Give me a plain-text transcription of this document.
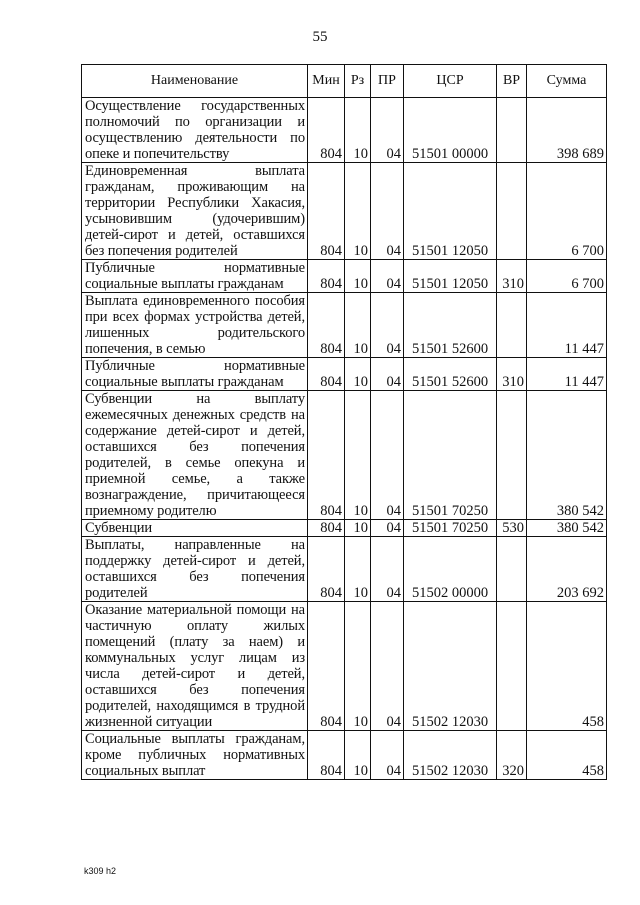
55
Наименование	Мин	Рз	ПР	ЦСР	ВР	Сумма
Осуществление государственных полномочий по организации и осуществлению деятельности по опеке и попечительству	804	10	04	51501 00000		398 689
Единовременная выплата гражданам, проживающим на территории Республики Хакасия, усыновившим (удочерившим) детей-сирот и детей, оставшихся без попечения родителей	804	10	04	51501 12050		6 700
Публичные нормативные социальные выплаты гражданам	804	10	04	51501 12050	310	6 700
Выплата единовременного пособия при всех формах устройства детей, лишенных родительского попечения, в семью	804	10	04	51501 52600		11 447
Публичные нормативные социальные выплаты гражданам	804	10	04	51501 52600	310	11 447
Субвенции на выплату ежемесячных денежных средств на содержание детей-сирот и детей, оставшихся без попечения родителей, в семье опекуна и приемной семье, а также вознаграждение, причитающееся приемному родителю	804	10	04	51501 70250		380 542
Субвенции	804	10	04	51501 70250	530	380 542
Выплаты, направленные на поддержку детей-сирот и детей, оставшихся без попечения родителей	804	10	04	51502 00000		203 692
Оказание материальной помощи на частичную оплату жилых помещений (плату за наем) и коммунальных услуг лицам из числа детей-сирот и детей, оставшихся без попечения родителей, находящимся в трудной жизненной ситуации	804	10	04	51502 12030		458
Социальные выплаты гражданам, кроме публичных нормативных социальных выплат	804	10	04	51502 12030	320	458
k309 h2
